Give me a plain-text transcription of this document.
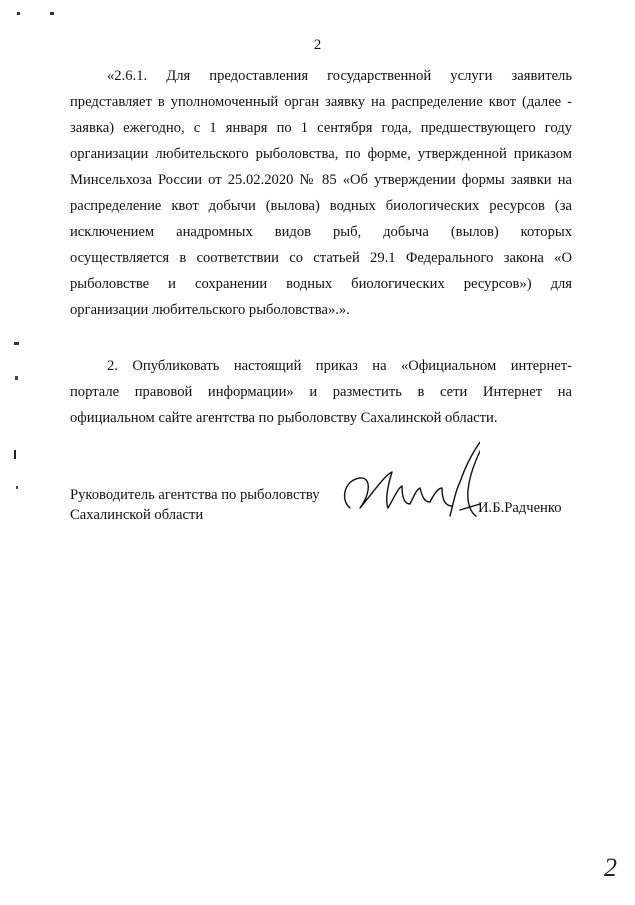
2
«2.6.1. Для предоставления государственной услуги заявитель
представляет в уполномоченный орган заявку на распределение квот (далее -
заявка) ежегодно, с 1 января по 1 сентября года, предшествующего году
организации любительского рыболовства, по форме, утвержденной приказом
Минсельхоза России от 25.02.2020 № 85 «Об утверждении формы заявки на
распределение квот добычи (вылова) водных биологических ресурсов (за
исключением анадромных видов рыб, добыча (вылов) которых
осуществляется в соответствии со статьей 29.1 Федерального закона «О
рыболовстве и сохранении водных биологических ресурсов») для
организации любительского рыболовства».».
2. Опубликовать настоящий приказ на «Официальном интернет-
портале правовой информации» и разместить в сети Интернет на
официальном сайте агентства по рыболовству Сахалинской области.
Руководитель агентства по рыболовству
Сахалинской области	И.Б.Радченко
2
